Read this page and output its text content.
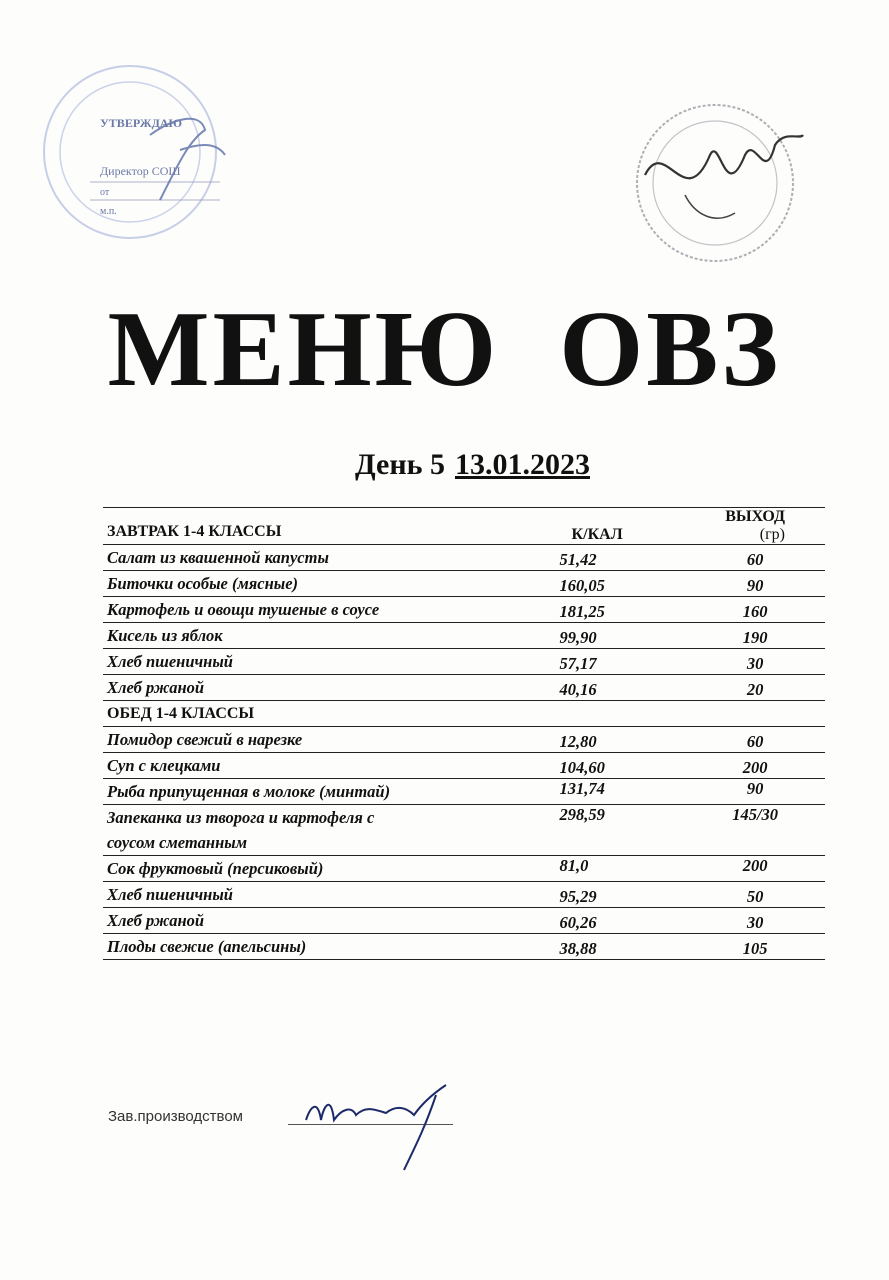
УТВЕРЖДАЮ
Директор СОШ
от
м.п.
МЕНЮ ОВЗ
День 5 13.01.2023
ЗАВТРАК 1-4 КЛАССЫ	К/КАЛ	ВЫХОД (гр)
Салат из квашенной капусты	51,42	60
Биточки особые (мясные)	160,05	90
Картофель и овощи тушеные в соусе	181,25	160
Кисель из яблок	99,90	190
Хлеб пшеничный	57,17	30
Хлеб ржаной	40,16	20
ОБЕД 1-4 КЛАССЫ		
Помидор свежий в нарезке	12,80	60
Суп с клецками	104,60	200
Рыба припущенная в молоке (минтай)	131,74	90
Запеканка из творога и картофеля с соусом сметанным	298,59	145/30
Сок фруктовый (персиковый)	81,0	200
Хлеб пшеничный	95,29	50
Хлеб ржаной	60,26	30
Плоды свежие (апельсины)	38,88	105
Зав.производством
